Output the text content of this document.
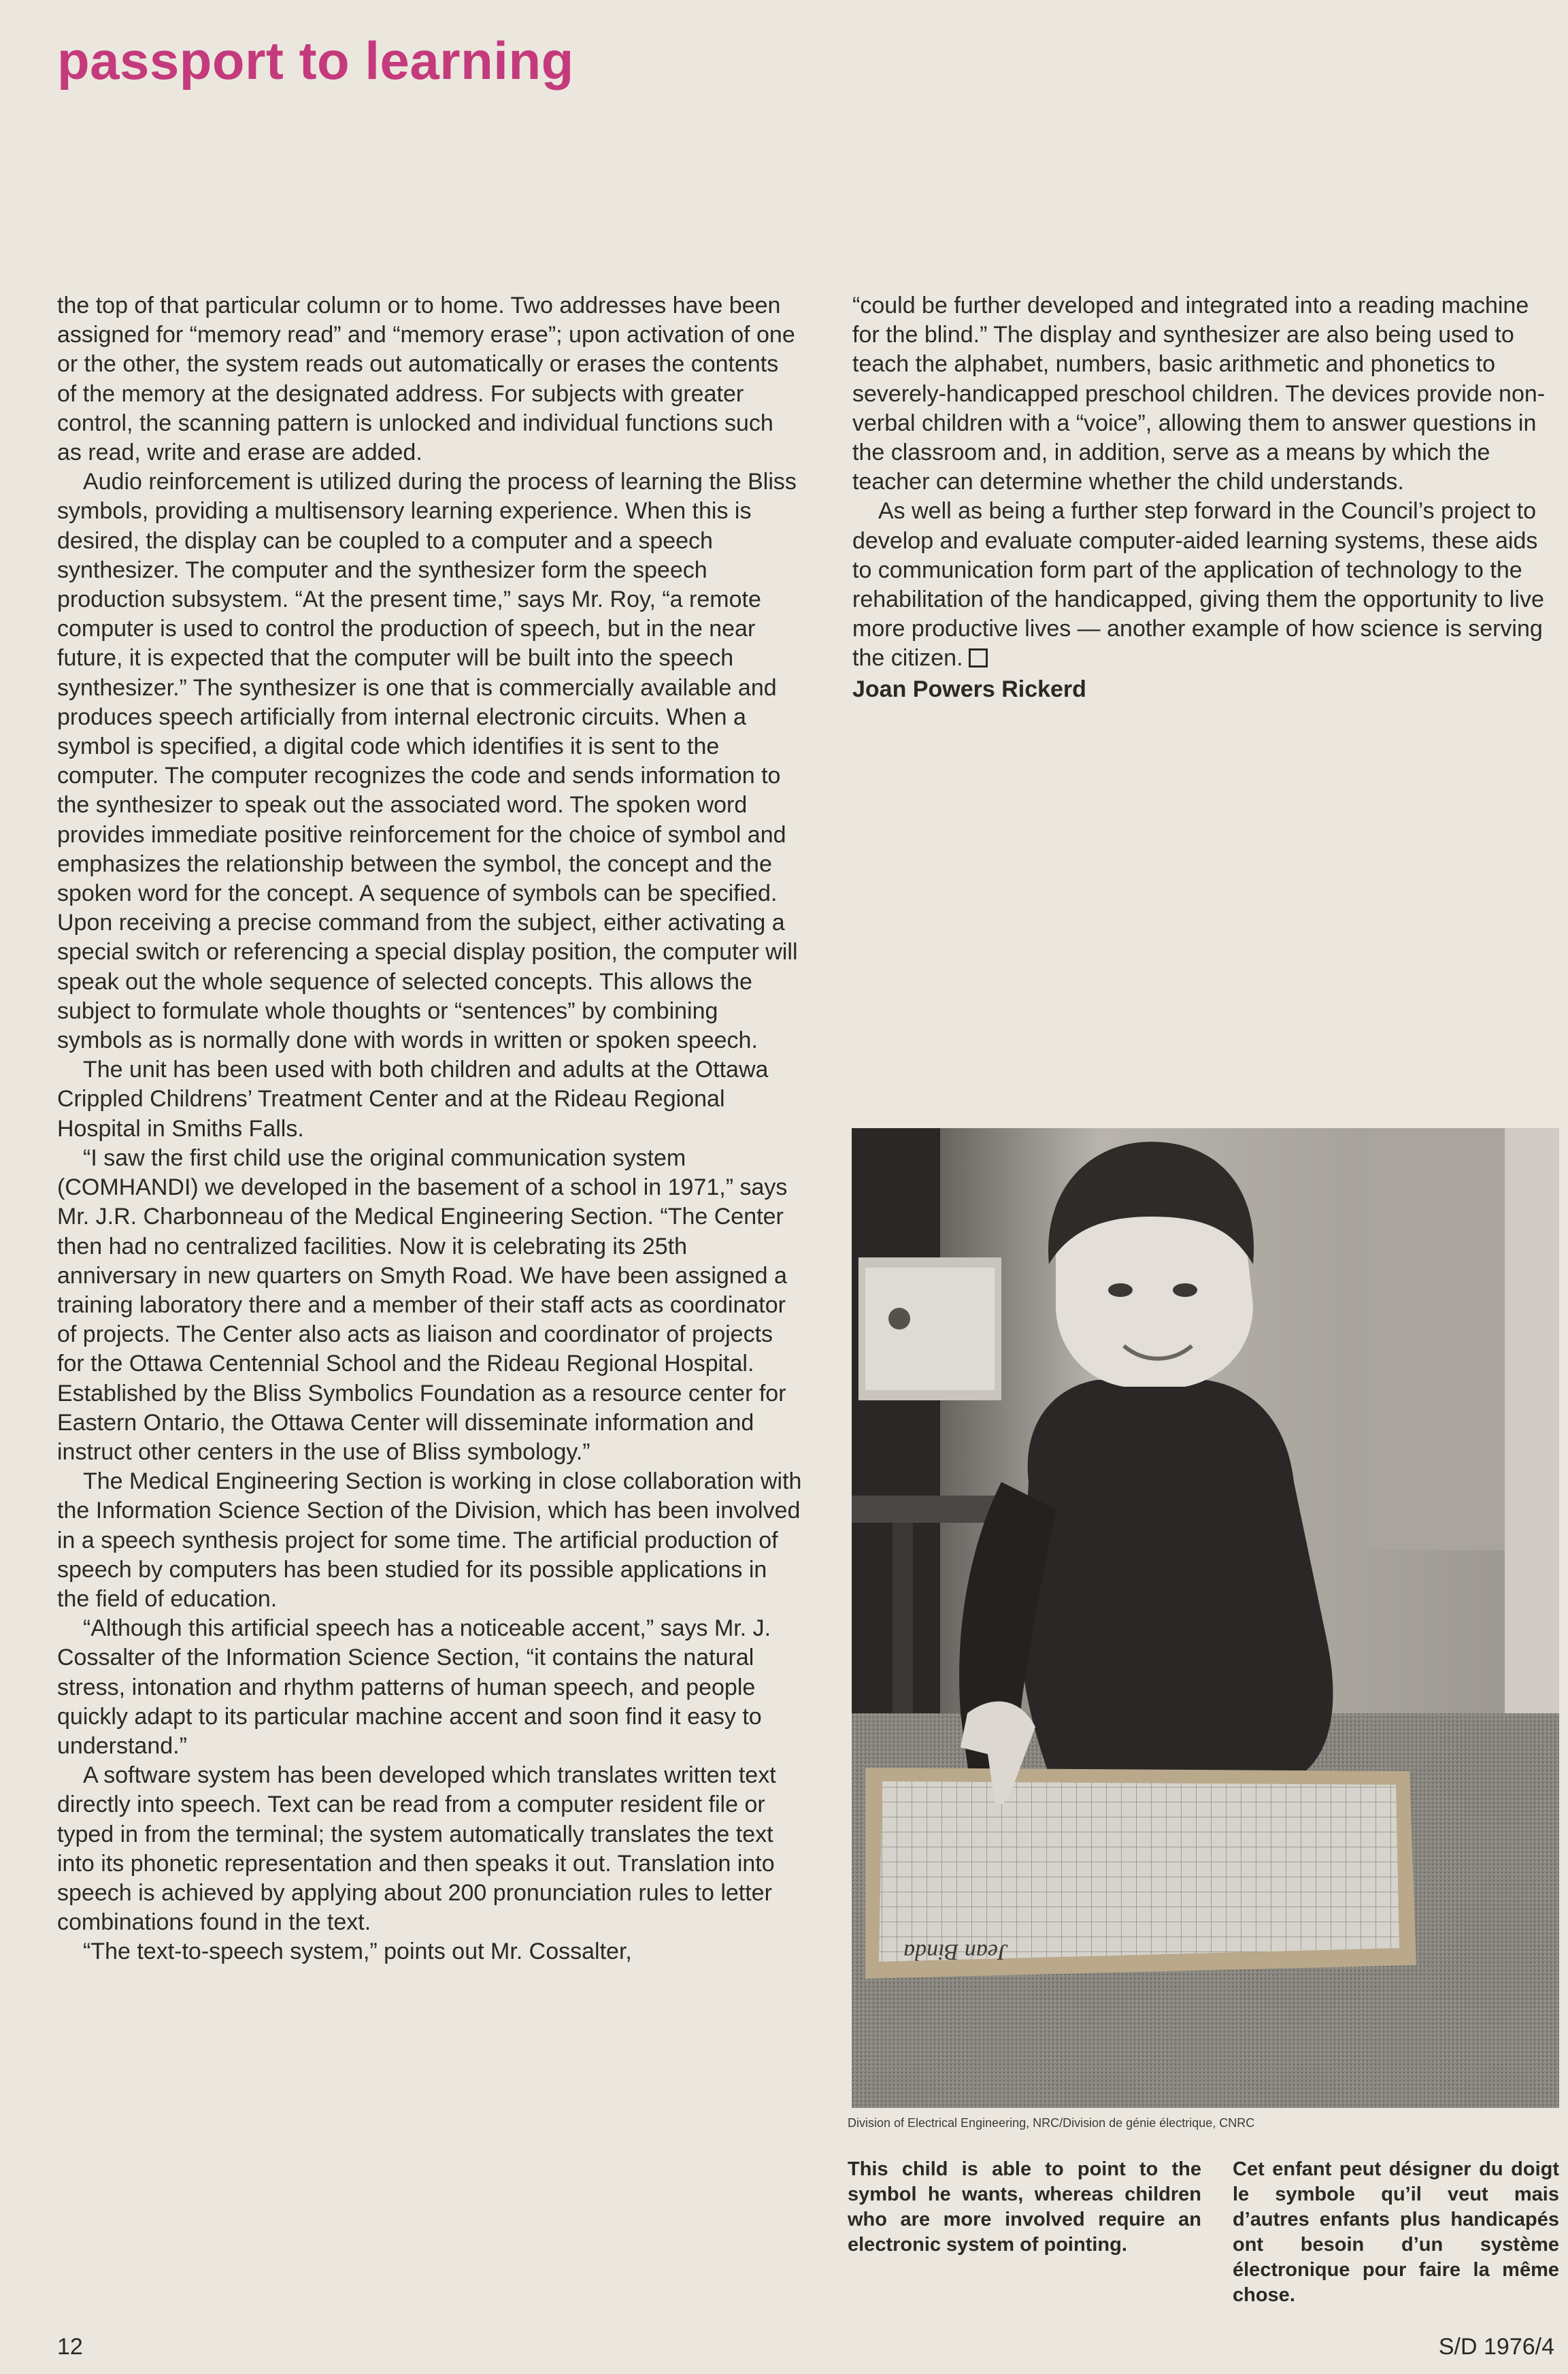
passport to learning

the top of that particular column or to home. Two addresses have been assigned for “memory read” and “memory erase”; upon activation of one or the other, the system reads out automatically or erases the contents of the memory at the designated address. For subjects with greater control, the scanning pattern is unlocked and individual functions such as read, write and erase are added.

Audio reinforcement is utilized during the process of learning the Bliss symbols, providing a multisensory learning experience. When this is desired, the display can be coupled to a computer and a speech synthesizer. The computer and the synthesizer form the speech production subsystem. “At the present time,” says Mr. Roy, “a remote computer is used to control the production of speech, but in the near future, it is expected that the computer will be built into the speech synthesizer.” The synthesizer is one that is commercially available and produces speech artificially from internal electronic circuits. When a symbol is specified, a digital code which identifies it is sent to the computer. The computer recognizes the code and sends information to the synthesizer to speak out the associated word. The spoken word provides immediate positive reinforcement for the choice of symbol and emphasizes the relationship between the symbol, the concept and the spoken word for the concept. A sequence of symbols can be specified. Upon receiving a precise command from the subject, either activating a special switch or referencing a special display position, the computer will speak out the whole sequence of selected concepts. This allows the subject to formulate whole thoughts or “sentences” by combining symbols as is normally done with words in written or spoken speech.

The unit has been used with both children and adults at the Ottawa Crippled Childrens’ Treatment Center and at the Rideau Regional Hospital in Smiths Falls.

“I saw the first child use the original communication system (COMHANDI) we developed in the basement of a school in 1971,” says Mr. J.R. Charbonneau of the Medical Engineering Section. “The Center then had no centralized facilities. Now it is celebrating its 25th anniversary in new quarters on Smyth Road. We have been assigned a training laboratory there and a member of their staff acts as coordinator of projects. The Center also acts as liaison and coordinator of projects for the Ottawa Centennial School and the Rideau Regional Hospital. Established by the Bliss Symbolics Foundation as a resource center for Eastern Ontario, the Ottawa Center will disseminate information and instruct other centers in the use of Bliss symbology.”

The Medical Engineering Section is working in close collaboration with the Information Science Section of the Division, which has been involved in a speech synthesis project for some time. The artificial production of speech by computers has been studied for its possible applications in the field of education.

“Although this artificial speech has a noticeable accent,” says Mr. J. Cossalter of the Information Science Section, “it contains the natural stress, intonation and rhythm patterns of human speech, and people quickly adapt to its particular machine accent and soon find it easy to understand.”

A software system has been developed which translates written text directly into speech. Text can be read from a computer resident file or typed in from the terminal; the system automatically translates the text into its phonetic representation and then speaks it out. Translation into speech is achieved by applying about 200 pronunciation rules to letter combinations found in the text.

“The text-to-speech system,” points out Mr. Cossalter,

“could be further developed and integrated into a reading machine for the blind.” The display and synthesizer are also being used to teach the alphabet, numbers, basic arithmetic and phonetics to severely-handicapped preschool children. The devices provide non-verbal children with a “voice”, allowing them to answer questions in the classroom and, in addition, serve as a means by which the teacher can determine whether the child understands.

As well as being a further step forward in the Council’s project to develop and evaluate computer-aided learning systems, these aids to communication form part of the application of technology to the rehabilitation of the handicapped, giving them the opportunity to live more productive lives — another example of how science is serving the citizen.

Joan Powers Rickerd
Jean Binda
Division of Electrical Engineering, NRC/Division de génie électrique, CNRC
This child is able to point to the symbol he wants, whereas children who are more involved require an electronic system of pointing.
Cet enfant peut désigner du doigt le symbole qu’il veut mais d’autres enfants plus handicapés ont besoin d’un système électronique pour faire la même chose.
12	S/D 1976/4
